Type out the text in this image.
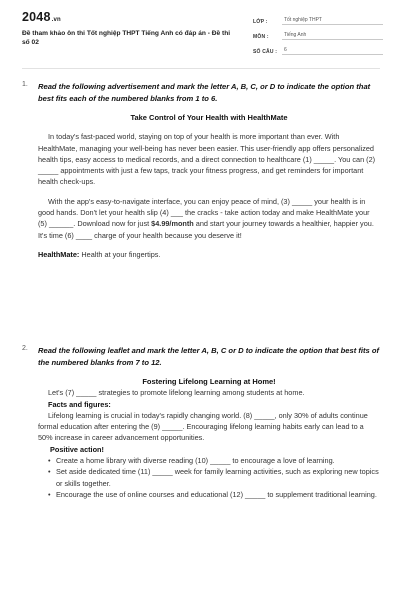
2048.vn
Đề tham khảo ôn thi Tốt nghiệp THPT Tiếng Anh có đáp án - Đề thi số 02
LỚP :	Tốt nghiệp THPT
MÔN :	Tiếng Anh
SỐ CÂU :	6
1. Read the following advertisement and mark the letter A, B, C, or D to indicate the option that best fits each of the numbered blanks from 1 to 6.
Take Control of Your Health with HealthMate

In today's fast-paced world, staying on top of your health is more important than ever. With HealthMate, managing your well-being has never been easier. This user-friendly app offers personalized health tips, easy access to medical records, and a direct connection to healthcare (1) _____. You can (2) _____ appointments with just a few taps, track your fitness progress, and get reminders for important health check-ups.

With the app's easy-to-navigate interface, you can enjoy peace of mind, (3) _____ your health is in good hands. Don't let your health slip (4) ___ the cracks - take action today and make HealthMate your (5) ______. Download now for just $4.99/month and start your journey towards a healthier, happier you. It's time (6) ____ charge of your health because you deserve it!

HealthMate: Health at your fingertips.

2. Read the following leaflet and mark the letter A, B, C or D to indicate the option that best fits of the numbered blanks from 7 to 12.
Fostering Lifelong Learning at Home!

Let's (7) _____ strategies to promote lifelong learning among students at home.

Facts and figures:

Lifelong learning is crucial in today's rapidly changing world. (8) _____, only 30% of adults continue formal education after entering the (9) _____. Encouraging lifelong learning habits early can lead to a 50% increase in career advancement opportunities.

Positive action!

• Create a home library with diverse reading (10) _____ to encourage a love of learning.
• Set aside dedicated time (11) _____ week for family learning activities, such as exploring new topics or skills together.
• Encourage the use of online courses and educational (12) _____ to supplement traditional learning.
